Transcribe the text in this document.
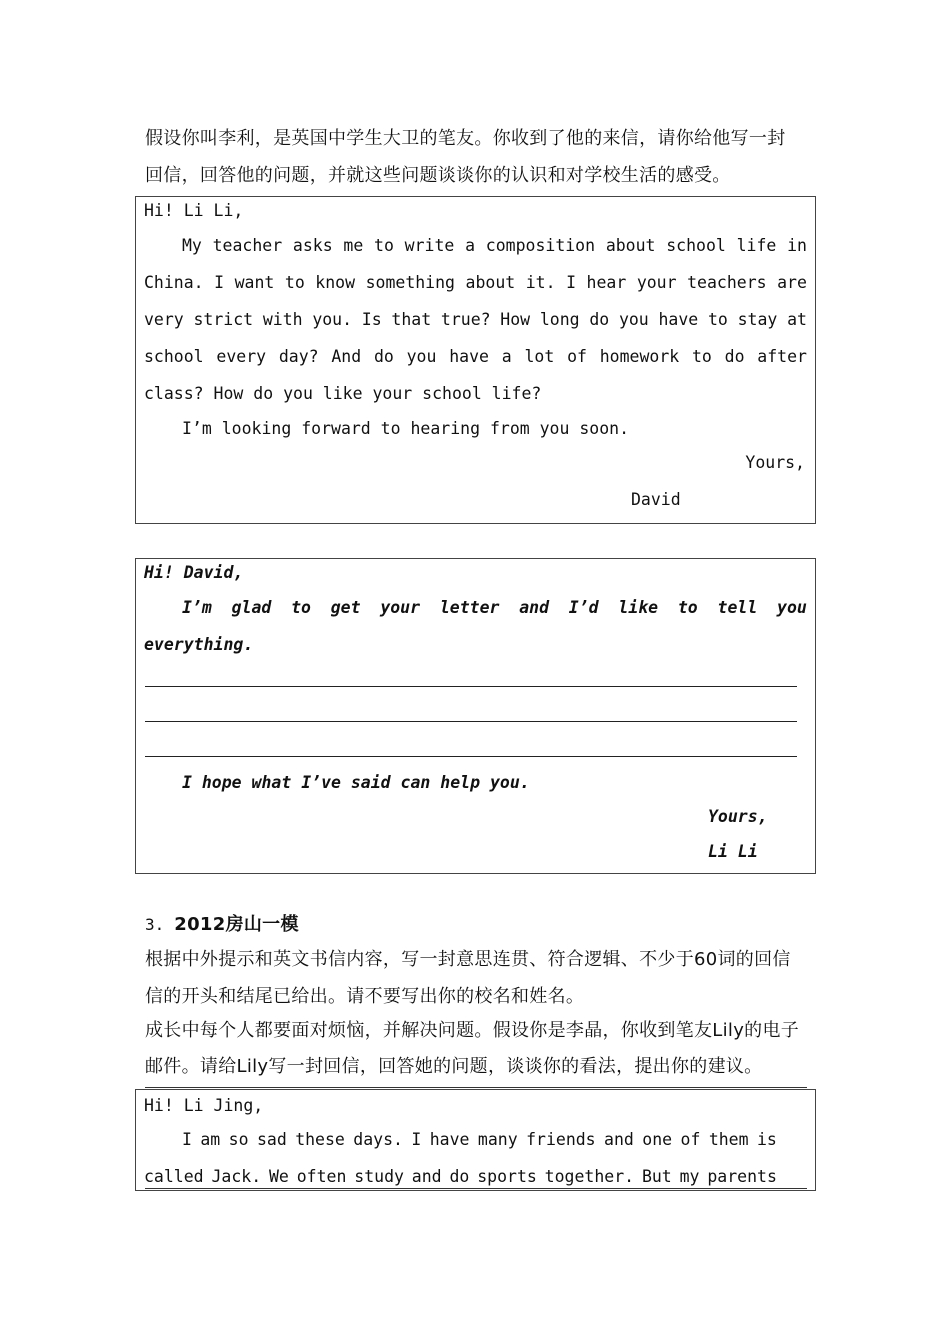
假设你叫李利，是英国中学生大卫的笔友。你收到了他的来信，请你给他写一封
回信，回答他的问题，并就这些问题谈谈你的认识和对学校生活的感受。
Hi! Li Li,
My teacher asks me to write a composition about school life in
China. I want to know something about it. I hear your teachers are
very strict with you. Is that true? How long do you have to stay at
school every day? And do you have a lot of homework to do after
class? How do you like your school life?
I’m looking forward to hearing from you soon.
Yours,
David
Hi! David,
I’m glad to get your letter and I’d like to tell you
everything.
I hope what I’ve said can help you.
Yours,
Li Li
3. 2012房山一模
根据中外提示和英文书信内容，写一封意思连贯、符合逻辑、不少于60词的回信
信的开头和结尾已给出。请不要写出你的校名和姓名。
成长中每个人都要面对烦恼，并解决问题。假设你是李晶，你收到笔友Lily的电子
邮件。请给Lily写一封回信，回答她的问题，谈谈你的看法，提出你的建议。
Hi! Li Jing,
I am so sad these days. I have many friends and one of them is
called Jack. We often study and do sports together. But my parents
